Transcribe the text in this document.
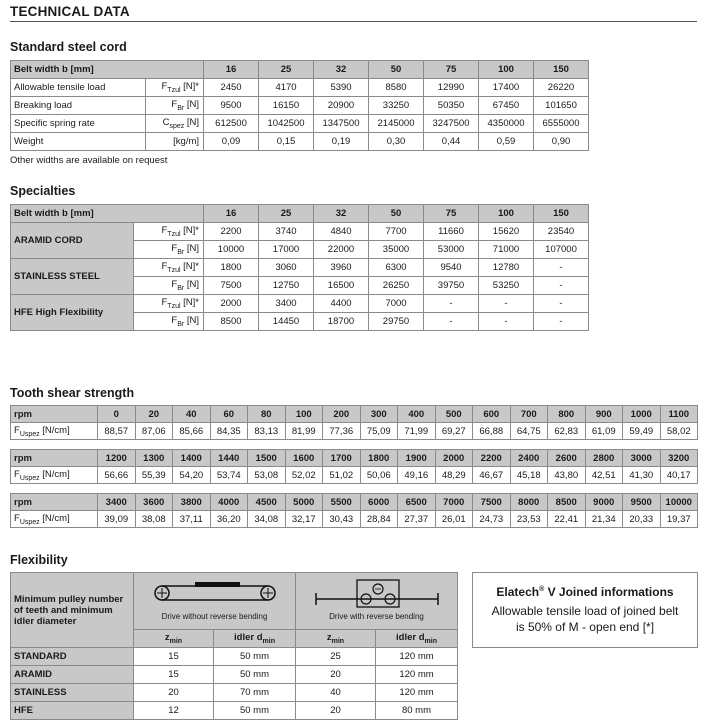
TECHNICAL DATA
Standard steel cord
Belt width b [mm]		16	25	32	50	75	100	150
Allowable tensile load	$F_{Tzul}$ [N]*	2450	4170	5390	8580	12990	17400	26220
Breaking load	$F_{Br}$ [N]	9500	16150	20900	33250	50350	67450	101650
Specific spring rate	$C_{spez}$ [N]	612500	1042500	1347500	2145000	3247500	4350000	6555000
Weight	[kg/m]	0,09	0,15	0,19	0,30	0,44	0,59	0,90
Other widths are available on request
Specialties
Belt width b [mm]		16	25	32	50	75	100	150
ARAMID CORD	$F_{Tzul}$ [N]*	2200	3740	4840	7700	11660	15620	23540
	$F_{Br}$ [N]	10000	17000	22000	35000	53000	71000	107000
STAINLESS STEEL	$F_{Tzul}$ [N]*	1800	3060	3960	6300	9540	12780	-
	$F_{Br}$ [N]	7500	12750	16500	26250	39750	53250	-
HFE High Flexibility	$F_{Tzul}$ [N]*	2000	3400	4400	7000	-	-	-
	$F_{Br}$ [N]	8500	14450	18700	29750	-	-	-
Tooth shear strength
rpm	0	20	40	60	80	100	200	300	400	500	600	700	800	900	1000	1100
$F_{Uspez}$ [N/cm]	88,57	87,06	85,66	84,35	83,13	81,99	77,36	75,09	71,99	69,27	66,88	64,75	62,83	61,09	59,49	58,02
rpm	1200	1300	1400	1440	1500	1600	1700	1800	1900	2000	2200	2400	2600	2800	3000	3200
$F_{Uspez}$ [N/cm]	56,66	55,39	54,20	53,74	53,08	52,02	51,02	50,06	49,16	48,29	46,67	45,18	43,80	42,51	41,30	40,17
rpm	3400	3600	3800	4000	4500	5000	5500	6000	6500	7000	7500	8000	8500	9000	9500	10000
$F_{Uspez}$ [N/cm]	39,09	38,08	37,11	36,20	34,08	32,17	30,43	28,84	27,37	26,01	24,73	23,53	22,41	21,34	20,33	19,37
Flexibility
Minimum pulley number of teeth and minimum idler diameter	Drive without reverse bending		Drive with reverse bending	

	$z_{min}$	idler $d_{min}$	$z_{min}$	idler $d_{min}$
STANDARD	15	50 mm	25	120 mm
ARAMID	15	50 mm	20	120 mm
STAINLESS	20	70 mm	40	120 mm
HFE	12	50 mm	20	80 mm
Elatech® V Joined informations
Allowable tensile load of joined belt
is 50% of M - open end [*]
